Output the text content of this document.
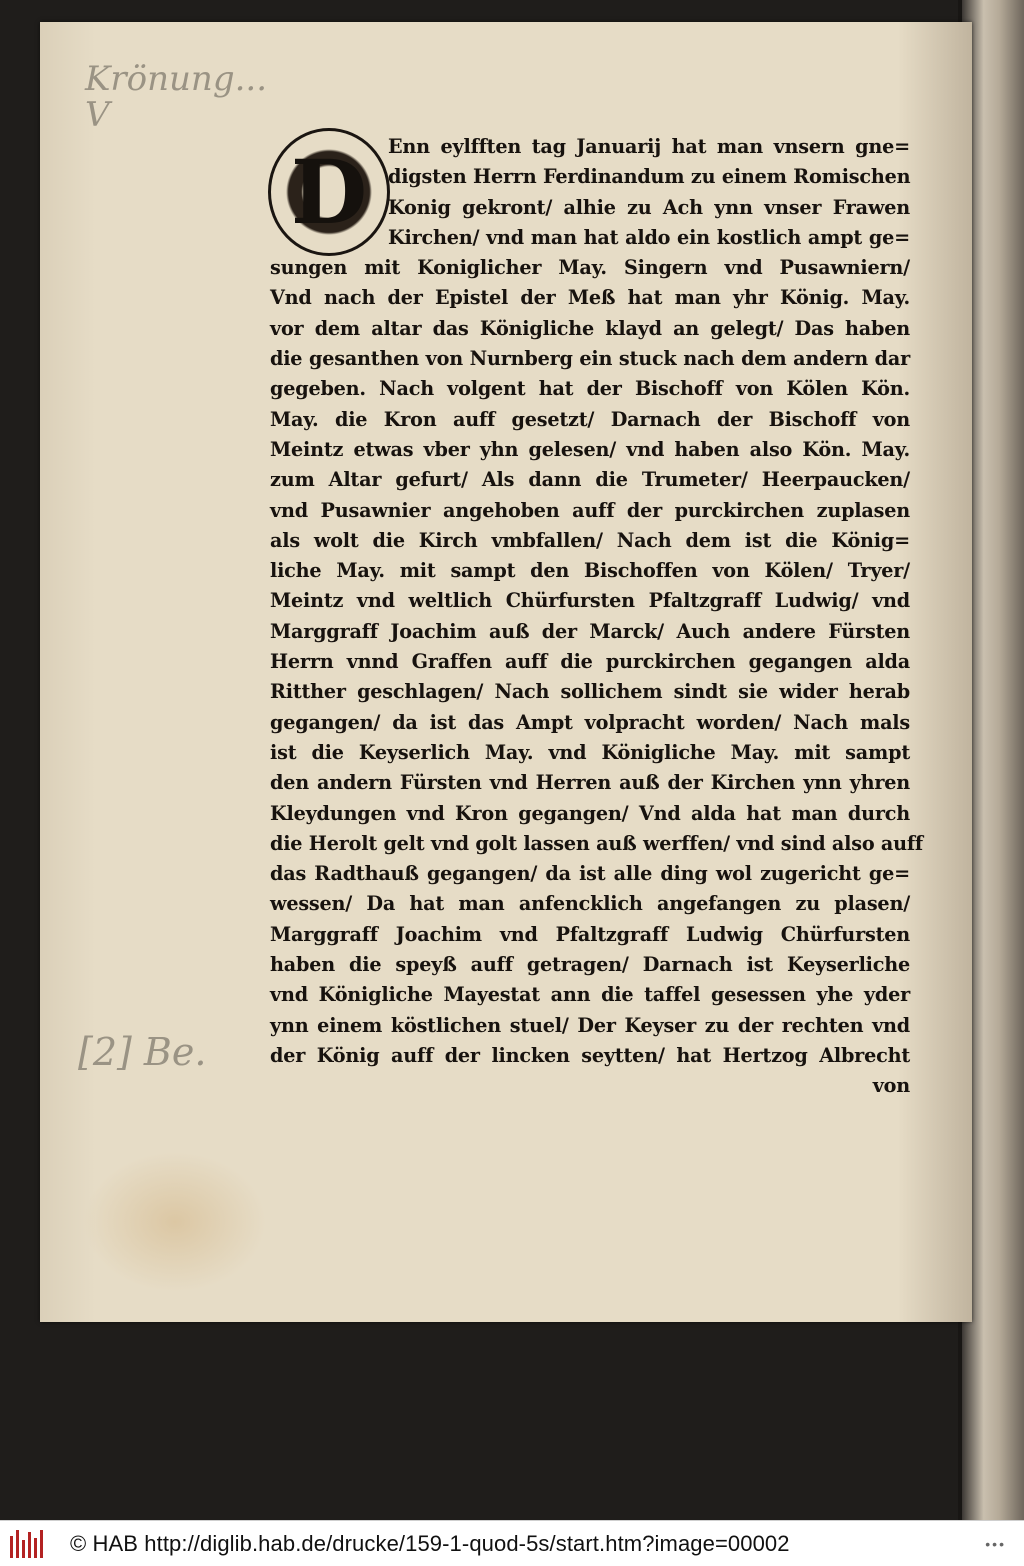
Krönung...
V
[2] Be.
D	Enn eylfften tag Januarij hat man vnsern gne=
digsten Herrn Ferdinandum zu einem Romischen
Konig gekront/ alhie zu Ach ynn vnser Frawen
Kirchen/ vnd man hat aldo ein kostlich ampt ge=
sungen mit Koniglicher May. Singern vnd Pusawniern/
Vnd nach der Epistel der Meß hat man yhr König. May.
vor dem altar das Königliche klayd an gelegt/ Das haben
die gesanthen von Nurnberg ein stuck nach dem andern dar
gegeben. Nach volgent hat der Bischoff von Kölen Kön.
May. die Kron auff gesetzt/ Darnach der Bischoff von
Meintz etwas vber yhn gelesen/ vnd haben also Kön. May.
zum Altar gefurt/ Als dann die Trumeter/ Heerpaucken/
vnd Pusawnier angehoben auff der purckirchen zuplasen
als wolt die Kirch vmbfallen/ Nach dem ist die König=
liche May. mit sampt den Bischoffen von Kölen/ Tryer/
Meintz vnd weltlich Chürfursten Pfaltzgraff Ludwig/ vnd
Marggraff Joachim auß der Marck/ Auch andere Fürsten
Herrn vnnd Graffen auff die purckirchen gegangen alda
Ritther geschlagen/ Nach sollichem sindt sie wider herab
gegangen/ da ist das Ampt volpracht worden/ Nach mals
ist die Keyserlich May. vnd Königliche May. mit sampt
den andern Fürsten vnd Herren auß der Kirchen ynn yhren
Kleydungen vnd Kron gegangen/ Vnd alda hat man durch
die Herolt gelt vnd golt lassen auß werffen/ vnd sind also auff
das Radthauß gegangen/ da ist alle ding wol zugericht ge=
wessen/ Da hat man anfencklich angefangen zu plasen/
Marggraff Joachim vnd Pfaltzgraff Ludwig Chürfursten
haben die speyß auff getragen/ Darnach ist Keyserliche
vnd Königliche Mayestat ann die taffel gesessen yhe yder
ynn einem köstlichen stuel/ Der Keyser zu der rechten vnd
der König auff der lincken seytten/ hat Hertzog Albrecht
von
© HAB http://diglib.hab.de/drucke/159-1-quod-5s/start.htm?image=00002	•••
